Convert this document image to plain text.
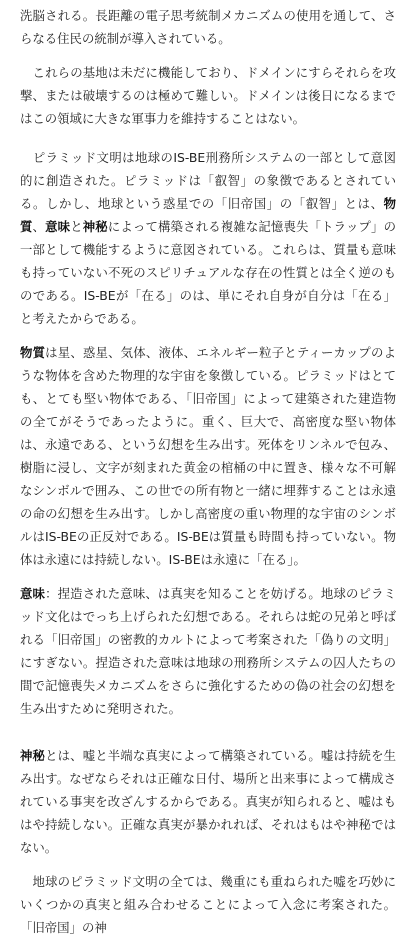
洗脳される。長距離の電子思考統制メカニズムの使用を通して、さらなる住民の統制が導入されている。

　これらの基地は未だに機能しており、ドメインにすらそれらを攻撃、または破壊するのは極めて難しい。ドメインは後日になるまではこの領域に大きな軍事力を維持することはない。

　ピラミッド文明は地球のIS-BE刑務所システムの一部として意図的に創造された。ピラミッドは「叡智」の象徴であるとされている。しかし、地球という惑星での「旧帝国」の「叡智」とは、物質、意味と神秘によって構築される複雑な記憶喪失「トラップ」の一部として機能するように意図されている。これらは、質量も意味も持っていない不死のスピリチュアルな存在の性質とは全く逆のものである。IS-BEが「在る」のは、単にそれ自身が自分は「在る」と考えたからである。

物質は星、惑星、気体、液体、エネルギー粒子とティーカップのような物体を含めた物理的な宇宙を象徴している。ピラミッドはとても、とても堅い物体である、「旧帝国」によって建築された建造物の全てがそうであったように。重く、巨大で、高密度な堅い物体は、永遠である、という幻想を生み出す。死体をリンネルで包み、樹脂に浸し、文字が刻まれた黄金の棺桶の中に置き、様々な不可解なシンボルで囲み、この世での所有物と一緒に埋葬することは永遠の命の幻想を生み出す。しかし高密度の重い物理的な宇宙のシンボルはIS-BEの正反対である。IS-BEは質量も時間も持っていない。物体は永遠には持続しない。IS-BEは永遠に「在る」。

意味：捏造された意味、は真実を知ることを妨げる。地球のピラミッド文化はでっち上げられた幻想である。それらは蛇の兄弟と呼ばれる「旧帝国」の密教的カルトによって考案された「偽りの文明」にすぎない。捏造された意味は地球の刑務所システムの囚人たちの間で記憶喪失メカニズムをさらに強化するための偽の社会の幻想を生み出すために発明された。

神秘とは、嘘と半端な真実によって構築されている。嘘は持続を生み出す。なぜならそれは正確な日付、場所と出来事によって構成されている事実を改ざんするからである。真実が知られると、嘘はもはや持続しない。正確な真実が暴かれれば、それはもはや神秘ではない。

　地球のピラミッド文明の全ては、幾重にも重ねられた嘘を巧妙にいくつかの真実と組み合わせることによって入念に考案された。「旧帝国」の神
